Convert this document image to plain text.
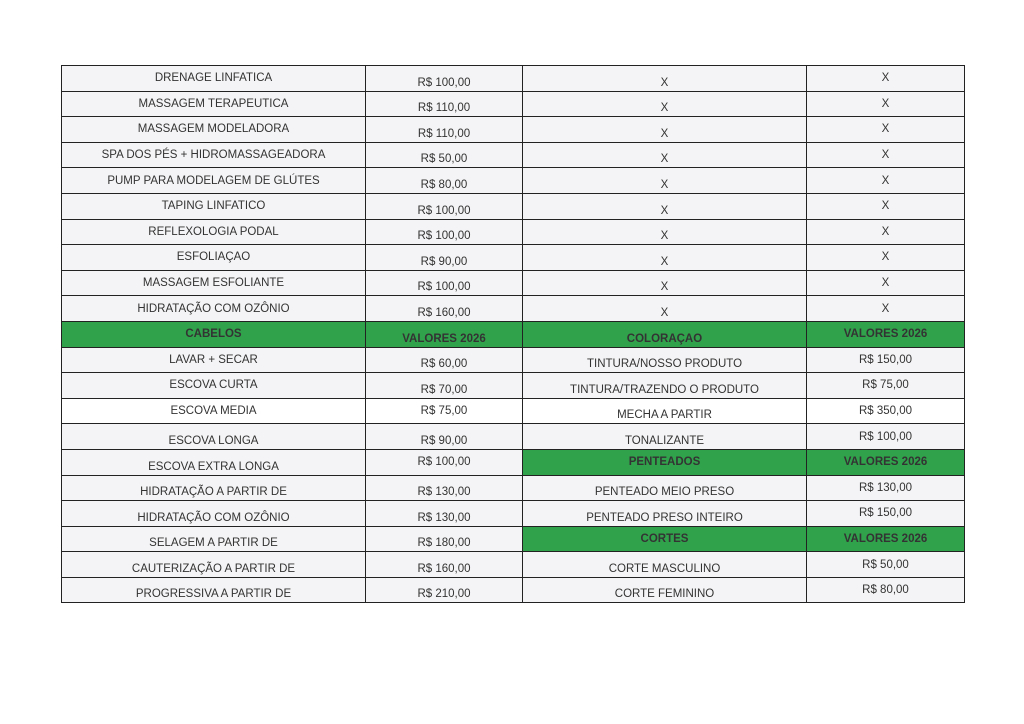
DRENAGE LINFATICA	R$ 100,00	X	X
MASSAGEM TERAPEUTICA	R$ 110,00	X	X
MASSAGEM MODELADORA	R$ 110,00	X	X
SPA DOS PÉS + HIDROMASSAGEADORA	R$ 50,00	X	X
PUMP PARA MODELAGEM DE GLÚTES	R$ 80,00	X	X
TAPING LINFATICO	R$ 100,00	X	X
REFLEXOLOGIA PODAL	R$ 100,00	X	X
ESFOLIAÇAO	R$ 90,00	X	X
MASSAGEM ESFOLIANTE	R$ 100,00	X	X
HIDRATAÇÃO COM OZÔNIO	R$ 160,00	X	X
CABELOS	VALORES 2026	COLORAÇAO	VALORES 2026
LAVAR + SECAR	R$ 60,00	TINTURA/NOSSO PRODUTO	R$ 150,00
ESCOVA CURTA	R$ 70,00	TINTURA/TRAZENDO O PRODUTO	R$ 75,00
ESCOVA MEDIA	R$ 75,00	MECHA A PARTIR	R$ 350,00
ESCOVA LONGA	R$ 90,00	TONALIZANTE	R$ 100,00
ESCOVA EXTRA LONGA	R$ 100,00	PENTEADOS	VALORES 2026
HIDRATAÇÃO A PARTIR DE	R$ 130,00	PENTEADO MEIO PRESO	R$ 130,00
HIDRATAÇÃO COM OZÔNIO	R$ 130,00	PENTEADO PRESO INTEIRO	R$ 150,00
SELAGEM A PARTIR DE	R$ 180,00	CORTES	VALORES 2026
CAUTERIZAÇÃO A PARTIR DE	R$ 160,00	CORTE MASCULINO	R$ 50,00
PROGRESSIVA A PARTIR DE	R$ 210,00	CORTE FEMININO	R$ 80,00
